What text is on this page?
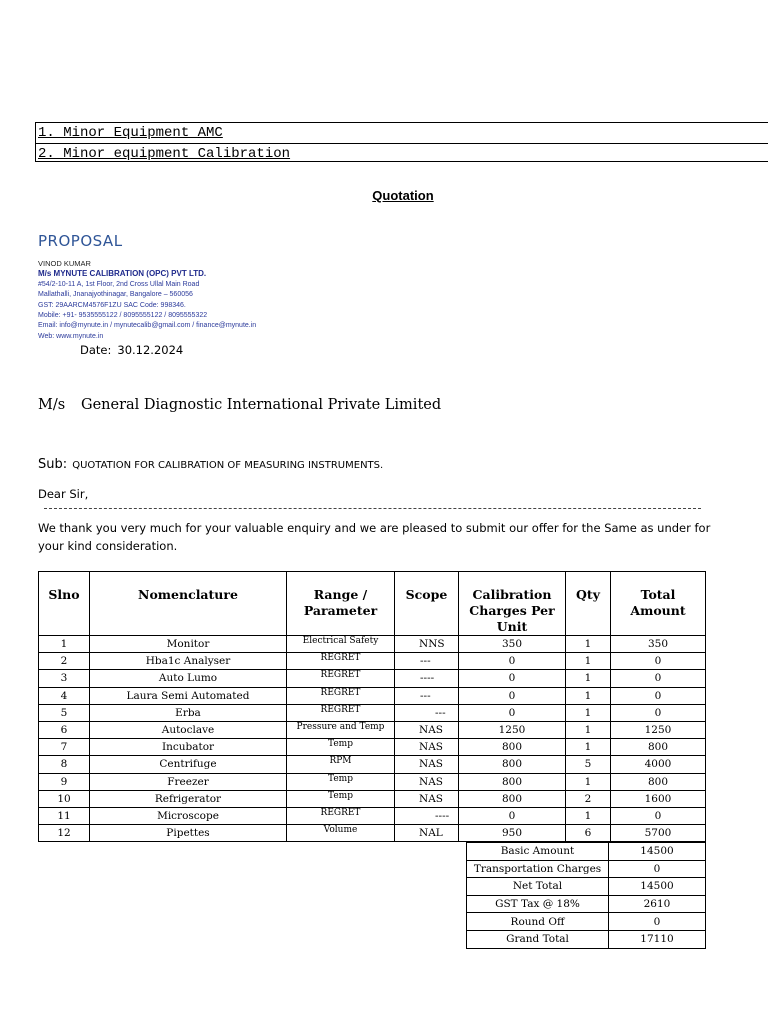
1. Minor Equipment AMC
2. Minor equipment Calibration
Quotation
PROPOSAL
VINOD KUMAR
M/s MYNUTE CALIBRATION (OPC) PVT LTD.
#54/2-10-11 A, 1st Floor, 2nd Cross Ullal Main Road
Mallathalli, Jnanajyothinagar, Bangalore – 560056
GST: 29AARCM4576F1ZU SAC Code: 998346.
Mobile: +91- 9535555122 / 8095555122 / 8095555322
Email: info@mynute.in / mynutecalib@gmail.com / finance@mynute.in
Web: www.mynute.in
Date: 30.12.2024
M/s General Diagnostic International Private Limited
Sub: QUOTATION FOR CALIBRATION OF MEASURING INSTRUMENTS.
Dear Sir,
We thank you very much for your valuable enquiry and we are pleased to submit our offer for the Same as under for your kind consideration.
Slno	Nomenclature	Range / Parameter	Scope	Calibration Charges Per Unit	Qty	Total Amount
1	Monitor	Electrical Safety	NNS	350	1	350
2	Hba1c Analyser	REGRET	---	0	1	0
3	Auto Lumo	REGRET	----	0	1	0
4	Laura Semi Automated	REGRET	---	0	1	0
5	Erba	REGRET	---	0	1	0
6	Autoclave	Pressure and Temp	NAS	1250	1	1250
7	Incubator	Temp	NAS	800	1	800
8	Centrifuge	RPM	NAS	800	5	4000
9	Freezer	Temp	NAS	800	1	800
10	Refrigerator	Temp	NAS	800	2	1600
11	Microscope	REGRET	----	0	1	0
12	Pipettes	Volume	NAL	950	6	5700
Basic Amount	14500
Transportation Charges	0
Net Total	14500
GST Tax @ 18%	2610
Round Off	0
Grand Total	17110
